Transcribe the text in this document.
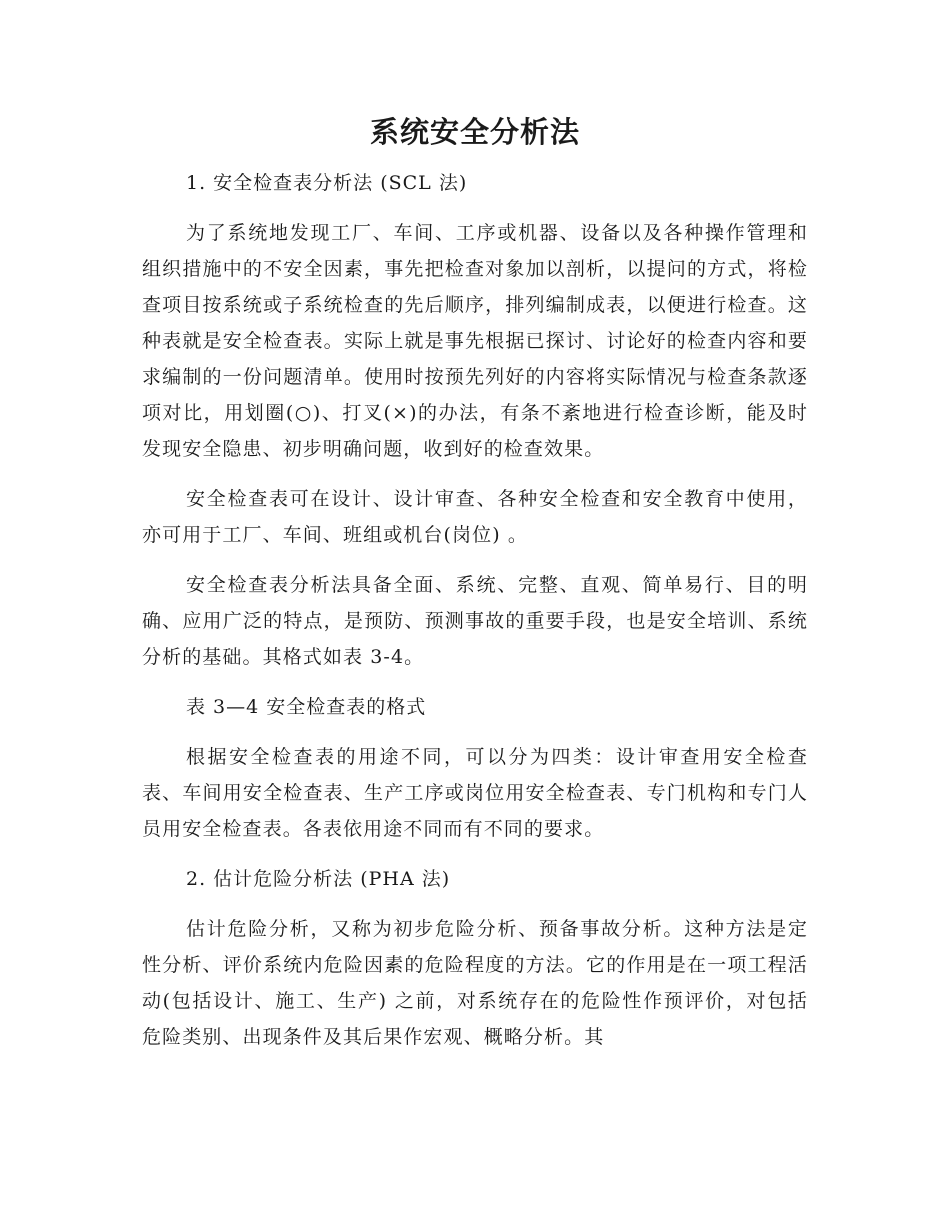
系统安全分析法

1. 安全检查表分析法 (SCL 法)

为了系统地发现工厂、车间、工序或机器、设备以及各种操作管理和组织措施中的不安全因素，事先把检查对象加以剖析，以提问的方式，将检查项目按系统或子系统检查的先后顺序，排列编制成表，以便进行检查。这种表就是安全检查表。实际上就是事先根据已探讨、讨论好的检查内容和要求编制的一份问题清单。使用时按预先列好的内容将实际情况与检查条款逐项对比，用划圈(○)、打叉(×)的办法，有条不紊地进行检查诊断，能及时发现安全隐患、初步明确问题，收到好的检查效果。

安全检查表可在设计、设计审查、各种安全检查和安全教育中使用，亦可用于工厂、车间、班组或机台(岗位) 。

安全检查表分析法具备全面、系统、完整、直观、简单易行、目的明确、应用广泛的特点，是预防、预测事故的重要手段，也是安全培训、系统分析的基础。其格式如表 3-4。

表 3—4 安全检查表的格式

根据安全检查表的用途不同，可以分为四类：设计审查用安全检查表、车间用安全检查表、生产工序或岗位用安全检查表、专门机构和专门人员用安全检查表。各表依用途不同而有不同的要求。

2. 估计危险分析法 (PHA 法)

估计危险分析，又称为初步危险分析、预备事故分析。这种方法是定性分析、评价系统内危险因素的危险程度的方法。它的作用是在一项工程活动(包括设计、施工、生产) 之前，对系统存在的危险性作预评价，对包括危险类别、出现条件及其后果作宏观、概略分析。其
